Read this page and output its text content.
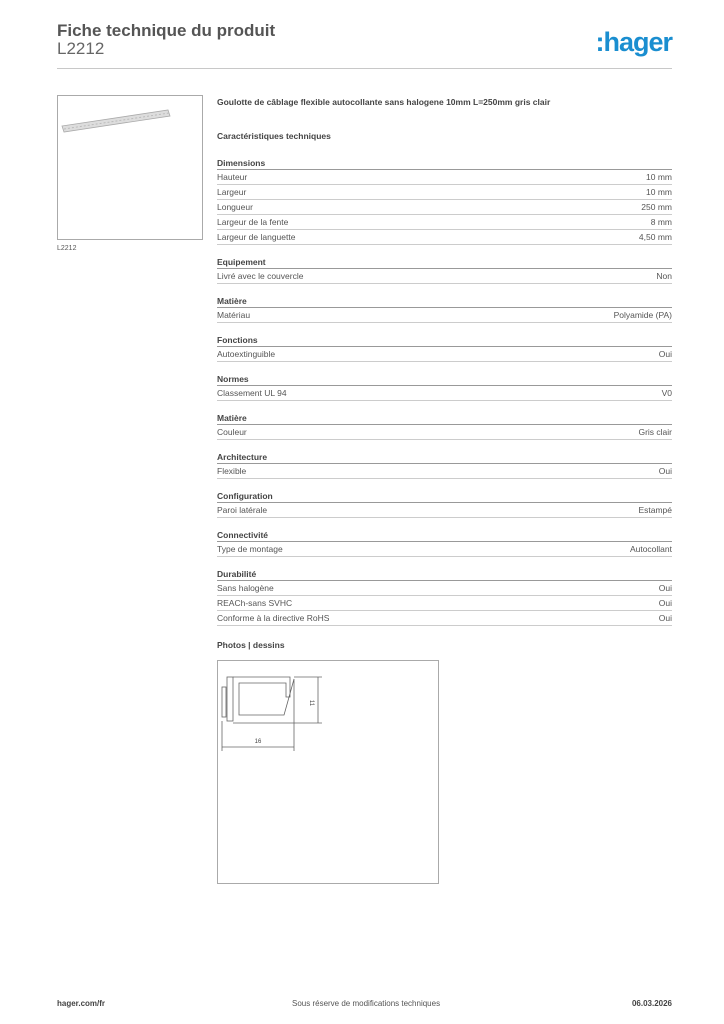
Fiche technique du produit
L2212	:hager
L2212
Goulotte de câblage flexible autocollante sans halogene 10mm L=250mm gris clair
Caractéristiques techniques
Dimensions
Hauteur	10 mm
Largeur	10 mm
Longueur	250 mm
Largeur de la fente	8 mm
Largeur de languette	4,50 mm
Equipement
Livré avec le couvercle	Non
Matière
Matériau	Polyamide (PA)
Fonctions
Autoextinguible	Oui
Normes
Classement UL 94	V0
Matière
Couleur	Gris clair
Architecture
Flexible	Oui
Configuration
Paroi latérale	Estampé
Connectivité
Type de montage	Autocollant
Durabilité
Sans halogène	Oui
REACh-sans SVHC	Oui
Conforme à la directive RoHS	Oui
Photos | dessins
16
11
hager.com/fr	Sous réserve de modifications techniques	06.03.2026
